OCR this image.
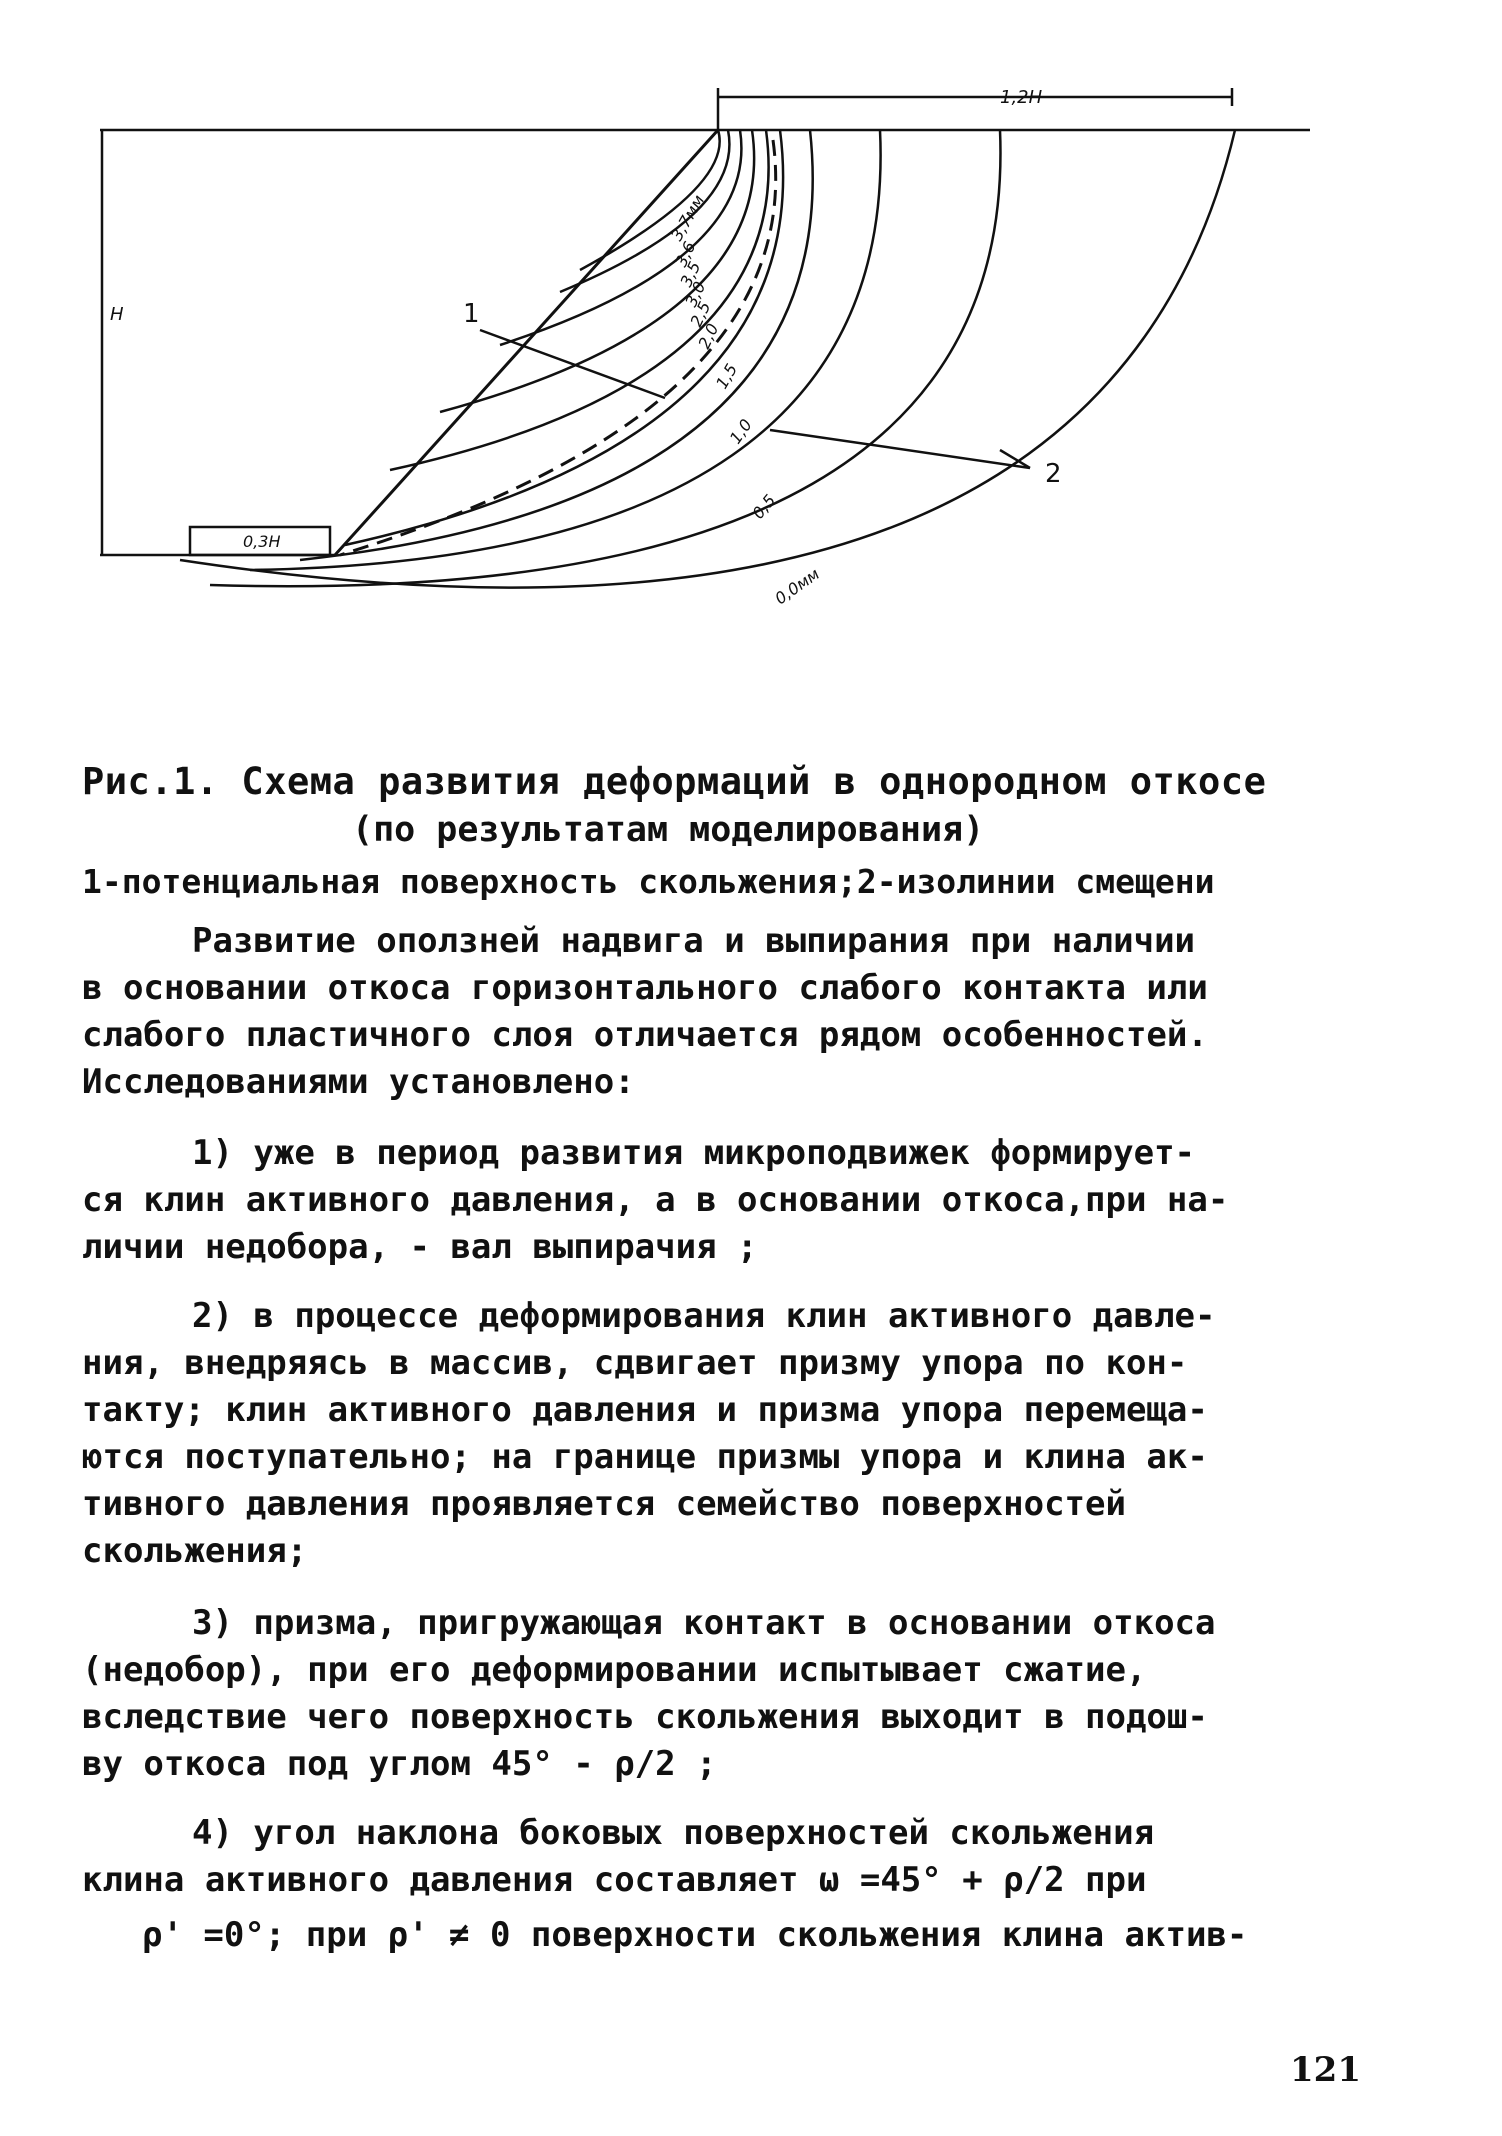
1,2H
H
0,3H
1
2
3,7мм
3,6
3,5
3,0
2,5
2,0
1,5
1,0
0,5
0,0мм
Рис.1. Схема развития деформаций в однородном откосе
(по результатам моделирования)
1-потенциальная поверхность скольжения;2-изолинии смещени
Развитие оползней надвига и выпирания при наличии
в основании откоса горизонтального слабого контакта или
слабого пластичного слоя отличается рядом особенностей.
Исследованиями установлено:
1) уже в период развития микроподвижек формирует-
ся клин активного давления, а в основании откоса,при на-
личии недобора, - вал выпирачия ;
2) в процессе деформирования клин активного давле-
ния, внедряясь в массив, сдвигает призму упора по кон-
такту; клин активного давления и призма упора перемеща-
ются поступательно; на границе призмы упора и клина ак-
тивного давления проявляется семейство поверхностей
скольжения;
3) призма, пригружающая контакт в основании откоса
(недобор), при его деформировании испытывает сжатие,
вследствие чего поверхность скольжения выходит в подош-
ву откоса под углом 45° - ρ/2 ;
4) угол наклона боковых поверхностей скольжения
клина активного давления составляет ω =45° + ρ/2 при
ρ' =0°; при ρ' ≠ 0 поверхности скольжения клина актив-
121
